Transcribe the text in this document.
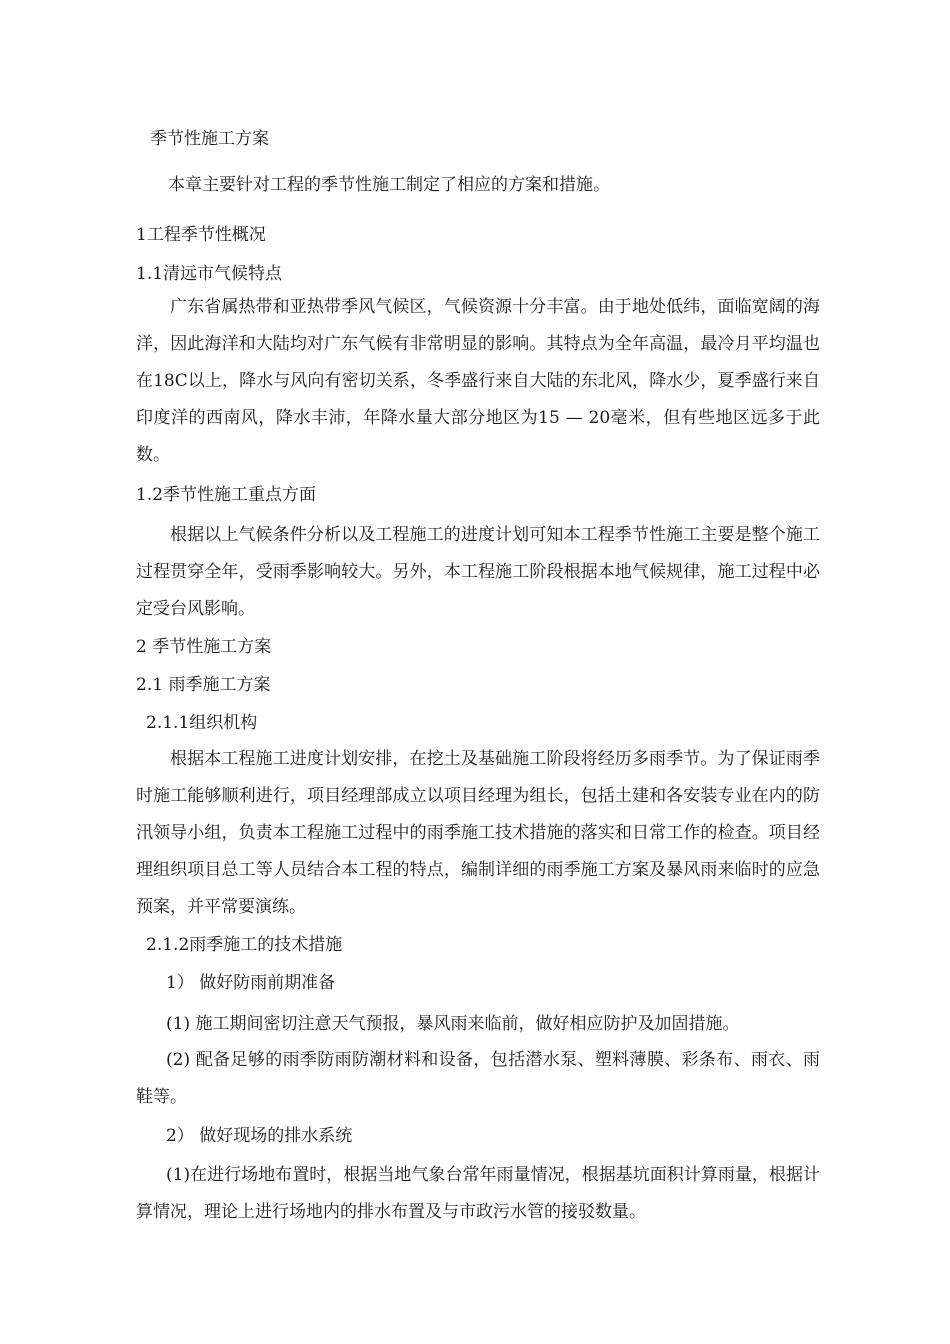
季节性施工方案
本章主要针对工程的季节性施工制定了相应的方案和措施。
1工程季节性概况
1.1清远市气候特点
广东省属热带和亚热带季风气候区，气候资源十分丰富。由于地处低纬，面临宽阔的海洋，因此海洋和大陆均对广东气候有非常明显的影响。其特点为全年高温，最冷月平均温也在18C以上，降水与风向有密切关系，冬季盛行来自大陆的东北风，降水少，夏季盛行来自印度洋的西南风，降水丰沛，年降水量大部分地区为15 — 20毫米，但有些地区远多于此数。
1.2季节性施工重点方面
根据以上气候条件分析以及工程施工的进度计划可知本工程季节性施工主要是整个施工过程贯穿全年，受雨季影响较大。另外，本工程施工阶段根据本地气候规律，施工过程中必定受台风影响。
2 季节性施工方案
2.1 雨季施工方案
2.1.1组织机构
根据本工程施工进度计划安排，在挖土及基础施工阶段将经历多雨季节。为了保证雨季时施工能够顺利进行，项目经理部成立以项目经理为组长，包括土建和各安装专业在内的防汛领导小组，负责本工程施工过程中的雨季施工技术措施的落实和日常工作的检查。项目经理组织项目总工等人员结合本工程的特点，编制详细的雨季施工方案及暴风雨来临时的应急预案，并平常要演练。
2.1.2雨季施工的技术措施
1） 做好防雨前期准备
(1) 施工期间密切注意天气预报，暴风雨来临前，做好相应防护及加固措施。
(2) 配备足够的雨季防雨防潮材料和设备，包括潜水泵、塑料薄膜、彩条布、雨衣、雨鞋等。
2） 做好现场的排水系统
(1)在进行场地布置时，根据当地气象台常年雨量情况，根据基坑面积计算雨量，根据计算情况，理论上进行场地内的排水布置及与市政污水管的接驳数量。
